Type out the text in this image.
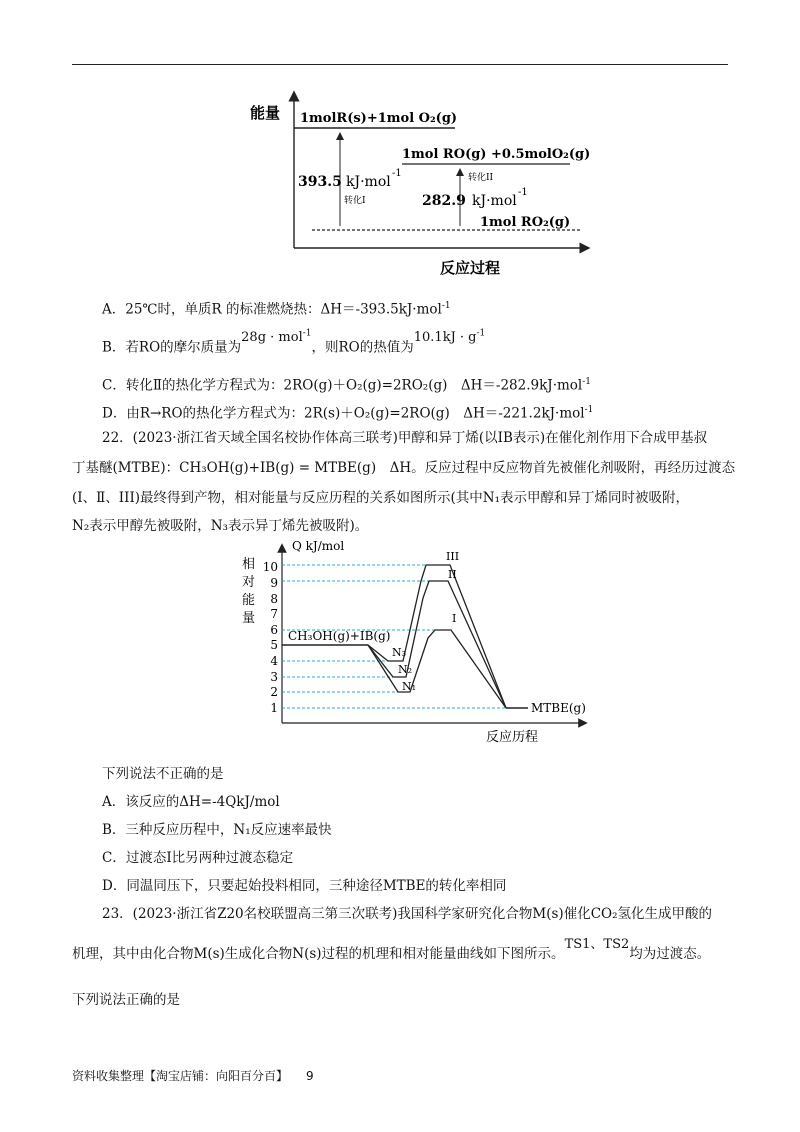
能量
反应过程
1molR(s)+1mol O₂(g)
1mol RO(g) +0.5molO₂(g)
1mol RO₂(g)
393.5 kJ·mol
-1
转化I	282.9 kJ·mol
-1
转化II
A．25℃时，单质R 的标准燃烧热：ΔH＝-393.5kJ·mol$^{-1}$
B．若RO的摩尔质量为28g · mol$^{-1}$，则RO的热值为$10.1kJ \cdot g^{-1}$
C．转化Ⅱ的热化学方程式为：2RO(g)＋O₂(g)=2RO₂(g)　ΔH＝-282.9kJ·mol$^{-1}$
D．由R→RO的热化学方程式为：2R(s)＋O₂(g)=2RO(g)　ΔH＝-221.2kJ·mol$^{-1}$
22．(2023·浙江省天域全国名校协作体高三联考)甲醇和异丁烯(以IB表示)在催化剂作用下合成甲基叔
丁基醚(MTBE)：CH₃OH(g)+IB(g) = MTBE(g)　ΔH。反应过程中反应物首先被催化剂吸附，再经历过渡态
(I、Ⅱ、III)最终得到产物，相对能量与反应历程的关系如图所示(其中N₁表示甲醇和异丁烯同时被吸附，
N₂表示甲醇先被吸附，N₃表示异丁烯先被吸附)。
Q kJ/mol
相
对
能
量
1
2
3
4
5
6
7
8
9
10
CH₃OH(g)+IB(g)
MTBE(g)
III
II
I
N₃
N₂
N₁
反应历程
下列说法不正确的是
A．该反应的ΔH=-4QkJ/mol
B．三种反应历程中，N₁反应速率最快
C．过渡态I比另两种过渡态稳定
D．同温同压下，只要起始投料相同，三种途径MTBE的转化率相同
23．(2023·浙江省Z20名校联盟高三第三次联考)我国科学家研究化合物M(s)催化CO₂氢化生成甲酸的
机理，其中由化合物M(s)生成化合物N(s)过程的机理和相对能量曲线如下图所示。TS1、TS2均为过渡态。
下列说法正确的是
资料收集整理【淘宝店铺：向阳百分百】 9
